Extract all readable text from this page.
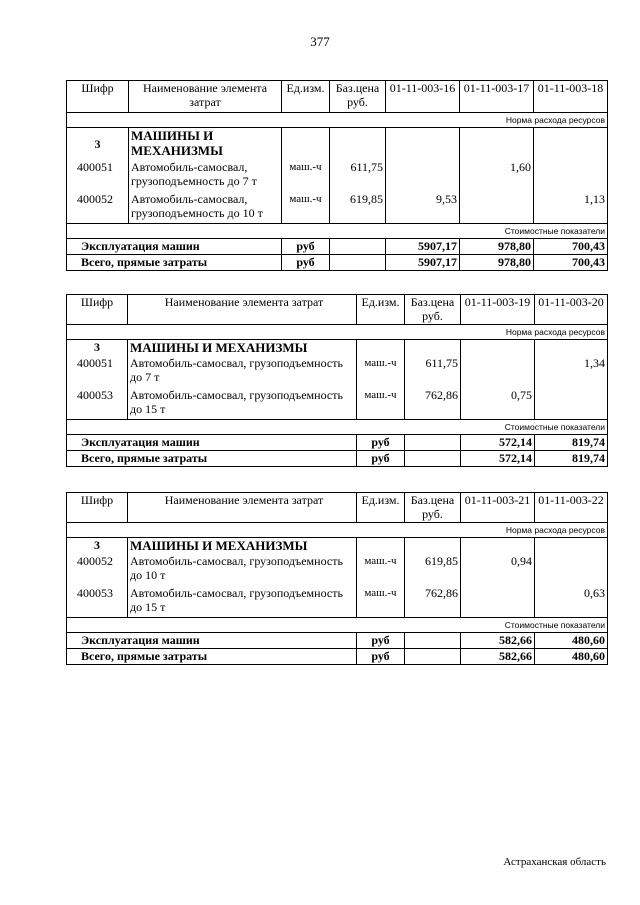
377
Шифр	Наименование элемента затрат	Ед.изм.	Баз.цена руб.	01-11-003-16	01-11-003-17	01-11-003-18
Норма расхода ресурсов						
3	МАШИНЫ И МЕХАНИЗМЫ					
400051	Автомобиль-самосвал, грузоподъемность до 7 т	маш.-ч	611,75		1,60	
400052	Автомобиль-самосвал, грузоподъемность до 10 т	маш.-ч	619,85	9,53		1,13
Стоимостные показатели						
Эксплуатация машин		руб		5907,17	978,80	700,43
Всего, прямые затраты		руб		5907,17	978,80	700,43
Шифр	Наименование элемента затрат	Ед.изм.	Баз.цена руб.	01-11-003-19	01-11-003-20
Норма расхода ресурсов					
3	МАШИНЫ И МЕХАНИЗМЫ				
400051	Автомобиль-самосвал, грузоподъемность до 7 т	маш.-ч	611,75		1,34
400053	Автомобиль-самосвал, грузоподъемность до 15 т	маш.-ч	762,86	0,75	
Стоимостные показатели					
Эксплуатация машин		руб		572,14	819,74
Всего, прямые затраты		руб		572,14	819,74
Шифр	Наименование элемента затрат	Ед.изм.	Баз.цена руб.	01-11-003-21	01-11-003-22
Норма расхода ресурсов					
3	МАШИНЫ И МЕХАНИЗМЫ				
400052	Автомобиль-самосвал, грузоподъемность до 10 т	маш.-ч	619,85	0,94	
400053	Автомобиль-самосвал, грузоподъемность до 15 т	маш.-ч	762,86		0,63
Стоимостные показатели					
Эксплуатация машин		руб		582,66	480,60
Всего, прямые затраты		руб		582,66	480,60
Астраханская область
